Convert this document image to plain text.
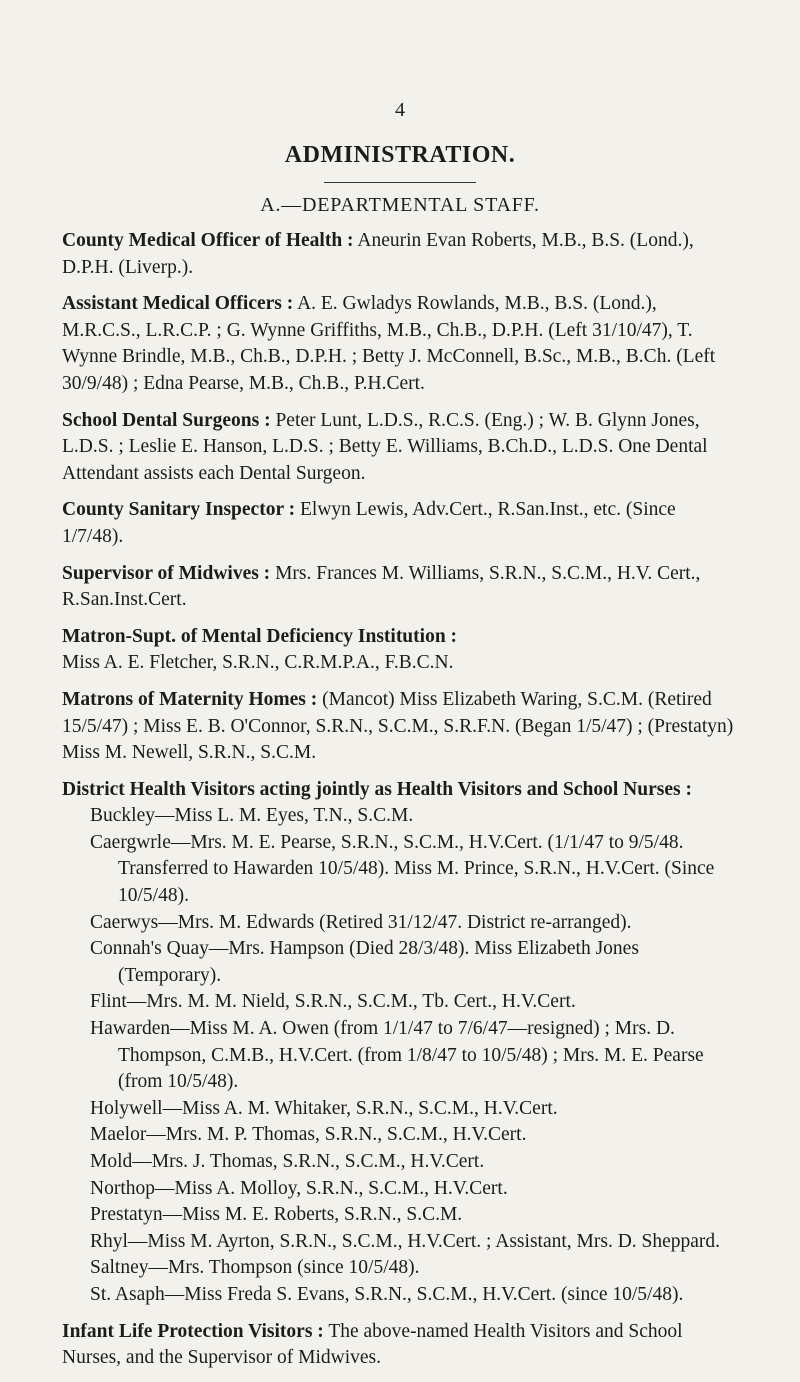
4
ADMINISTRATION.
A.—DEPARTMENTAL STAFF.

County Medical Officer of Health : Aneurin Evan Roberts, M.B., B.S. (Lond.), D.P.H. (Liverp.).

Assistant Medical Officers : A. E. Gwladys Rowlands, M.B., B.S. (Lond.), M.R.C.S., L.R.C.P. ; G. Wynne Griffiths, M.B., Ch.B., D.P.H. (Left 31/10/47), T. Wynne Brindle, M.B., Ch.B., D.P.H. ; Betty J. McConnell, B.Sc., M.B., B.Ch. (Left 30/9/48) ; Edna Pearse, M.B., Ch.B., P.H.Cert.

School Dental Surgeons : Peter Lunt, L.D.S., R.C.S. (Eng.) ; W. B. Glynn Jones, L.D.S. ; Leslie E. Hanson, L.D.S. ; Betty E. Williams, B.Ch.D., L.D.S. One Dental Attendant assists each Dental Surgeon.

County Sanitary Inspector : Elwyn Lewis, Adv.Cert., R.San.Inst., etc. (Since 1/7/48).

Supervisor of Midwives : Mrs. Frances M. Williams, S.R.N., S.C.M., H.V. Cert., R.San.Inst.Cert.

Matron-Supt. of Mental Deficiency Institution :
Miss A. E. Fletcher, S.R.N., C.R.M.P.A., F.B.C.N.

Matrons of Maternity Homes : (Mancot) Miss Elizabeth Waring, S.C.M. (Retired 15/5/47) ; Miss E. B. O'Connor, S.R.N., S.C.M., S.R.F.N. (Began 1/5/47) ; (Prestatyn) Miss M. Newell, S.R.N., S.C.M.

District Health Visitors acting jointly as Health Visitors and School Nurses :

Buckley—Miss L. M. Eyes, T.N., S.C.M.
Caergwrle—Mrs. M. E. Pearse, S.R.N., S.C.M., H.V.Cert. (1/1/47 to 9/5/48. Transferred to Hawarden 10/5/48). Miss M. Prince, S.R.N., H.V.Cert. (Since 10/5/48).
Caerwys—Mrs. M. Edwards (Retired 31/12/47. District re-arranged).
Connah's Quay—Mrs. Hampson (Died 28/3/48). Miss Elizabeth Jones (Temporary).
Flint—Mrs. M. M. Nield, S.R.N., S.C.M., Tb. Cert., H.V.Cert.
Hawarden—Miss M. A. Owen (from 1/1/47 to 7/6/47—resigned) ; Mrs. D. Thompson, C.M.B., H.V.Cert. (from 1/8/47 to 10/5/48) ; Mrs. M. E. Pearse (from 10/5/48).
Holywell—Miss A. M. Whitaker, S.R.N., S.C.M., H.V.Cert.
Maelor—Mrs. M. P. Thomas, S.R.N., S.C.M., H.V.Cert.
Mold—Mrs. J. Thomas, S.R.N., S.C.M., H.V.Cert.
Northop—Miss A. Molloy, S.R.N., S.C.M., H.V.Cert.
Prestatyn—Miss M. E. Roberts, S.R.N., S.C.M.
Rhyl—Miss M. Ayrton, S.R.N., S.C.M., H.V.Cert. ; Assistant, Mrs. D. Sheppard.
Saltney—Mrs. Thompson (since 10/5/48).
St. Asaph—Miss Freda S. Evans, S.R.N., S.C.M., H.V.Cert. (since 10/5/48).

Infant Life Protection Visitors : The above-named Health Visitors and School Nurses, and the Supervisor of Midwives.
